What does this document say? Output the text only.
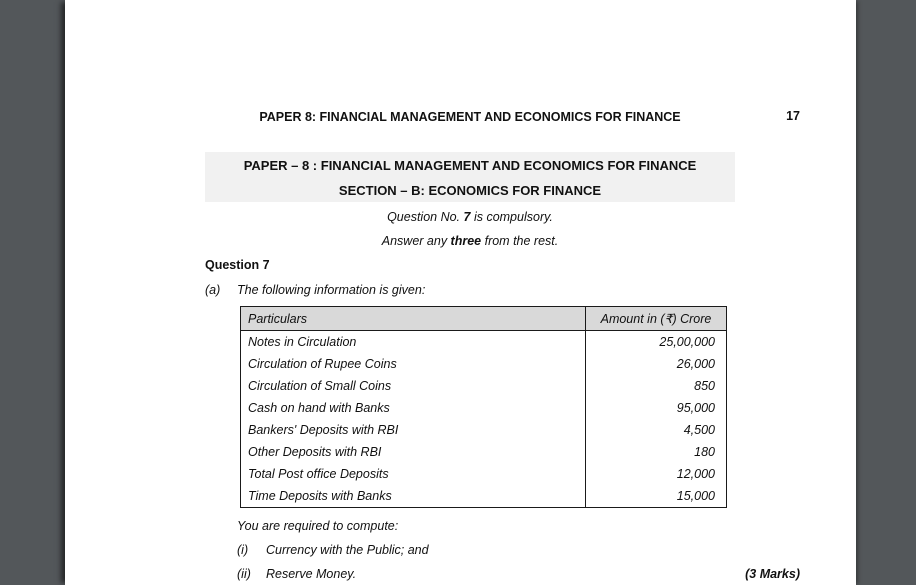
PAPER 8: FINANCIAL MANAGEMENT AND ECONOMICS FOR FINANCE	17
PAPER – 8 : FINANCIAL MANAGEMENT AND ECONOMICS FOR FINANCE
SECTION – B: ECONOMICS FOR FINANCE
Question No. 7 is compulsory.
Answer any three from the rest.
Question 7
(a) The following information is given:
Particulars	Amount in (₹) Crore
Notes in Circulation	25,00,000
Circulation of Rupee Coins	26,000
Circulation of Small Coins	850
Cash on hand with Banks	95,000
Bankers' Deposits with RBI	4,500
Other Deposits with RBI	180
Total Post office Deposits	12,000
Time Deposits with Banks	15,000
You are required to compute:
(i) Currency with the Public; and
(ii) Reserve Money.	(3 Marks)
